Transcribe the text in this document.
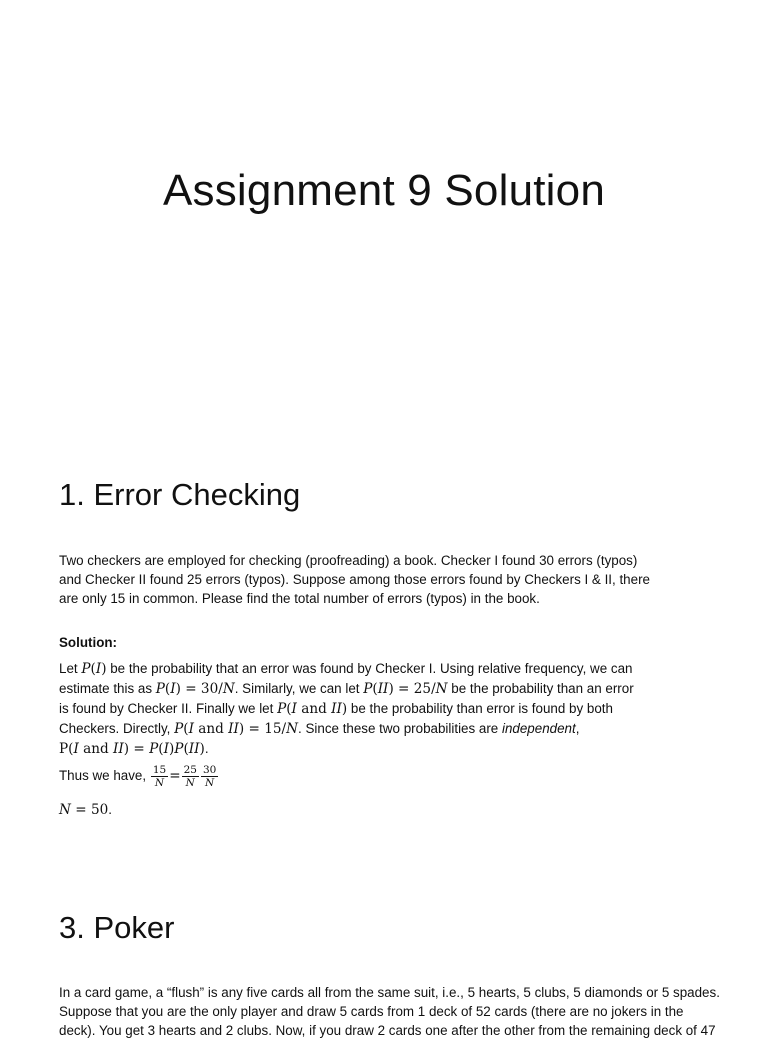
Assignment 9 Solution
1. Error Checking

Two checkers are employed for checking (proofreading) a book. Checker I found 30 errors (typos)
and Checker II found 25 errors (typos). Suppose among those errors found by Checkers I & II, there
are only 15 in common. Please find the total number of errors (typos) in the book.

Solution:

Let P(I) be the probability that an error was found by Checker I. Using relative frequency, we can
estimate this as P(I) = 30/N. Similarly, we can let P(II) = 25/N be the probability than an error
is found by Checker II. Finally we let P(I and II) be the probability than error is found by both
Checkers. Directly, P(I and II) = 15/N. Since these two probabilities are independent,
P(I and II) = P(I)P(II).

Thus we have, $\frac{15}{N} = \frac{25}{N} \frac{30}{N}$

N = 50.

3. Poker

In a card game, a “flush” is any five cards all from the same suit, i.e., 5 hearts, 5 clubs, 5 diamonds or 5 spades.
Suppose that you are the only player and draw 5 cards from 1 deck of 52 cards (there are no jokers in the
deck). You get 3 hearts and 2 clubs. Now, if you draw 2 cards one after the other from the remaining deck of 47
